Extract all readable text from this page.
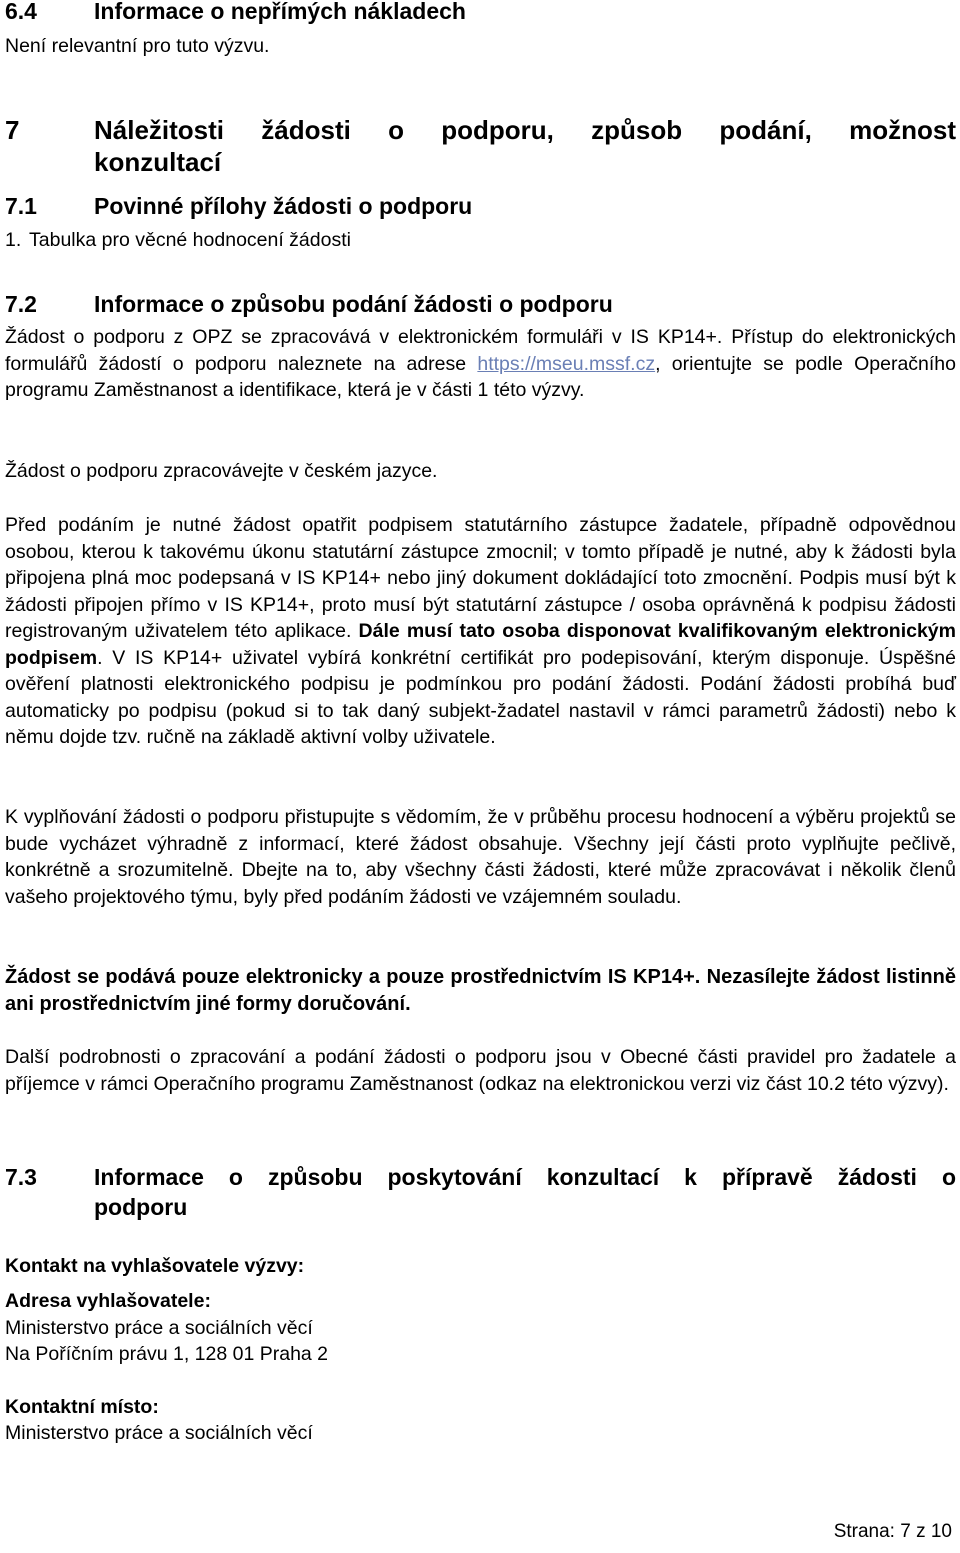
6.4 Informace o nepřímých nákladech

Není relevantní pro tuto výzvu.

7	Náležitosti žádosti o podporu, způsob podání, možnost
konzultací
7.1 Povinné přílohy žádosti o podporu
1. Tabulka pro věcné hodnocení žádosti
7.2 Informace o způsobu podání žádosti o podporu

Žádost o podporu z OPZ se zpracovává v elektronickém formuláři v IS KP14+. Přístup do elektronických formulářů žádostí o podporu naleznete na adrese https://mseu.mssf.cz, orientujte se podle Operačního programu Zaměstnanost a identifikace, která je v části 1 této výzvy.

Žádost o podporu zpracovávejte v českém jazyce.

Před podáním je nutné žádost opatřit podpisem statutárního zástupce žadatele, případně odpovědnou osobou, kterou k takovému úkonu statutární zástupce zmocnil; v tomto případě je nutné, aby k žádosti byla připojena plná moc podepsaná v IS KP14+ nebo jiný dokument dokládající toto zmocnění. Podpis musí být k žádosti připojen přímo v IS KP14+, proto musí být statutární zástupce / osoba oprávněná k podpisu žádosti registrovaným uživatelem této aplikace. Dále musí tato osoba disponovat kvalifikovaným elektronickým podpisem. V IS KP14+ uživatel vybírá konkrétní certifikát pro podepisování, kterým disponuje. Úspěšné ověření platnosti elektronického podpisu je podmínkou pro podání žádosti. Podání žádosti probíhá buď automaticky po podpisu (pokud si to tak daný subjekt-žadatel nastavil v rámci parametrů žádosti) nebo k němu dojde tzv. ručně na základě aktivní volby uživatele.

K vyplňování žádosti o podporu přistupujte s vědomím, že v průběhu procesu hodnocení a výběru projektů se bude vycházet výhradně z informací, které žádost obsahuje. Všechny její části proto vyplňujte pečlivě, konkrétně a srozumitelně. Dbejte na to, aby všechny části žádosti, které může zpracovávat i několik členů vašeho projektového týmu, byly před podáním žádosti ve vzájemném souladu.

Žádost se podává pouze elektronicky a pouze prostřednictvím IS KP14+. Nezasílejte žádost listinně ani prostřednictvím jiné formy doručování.

Další podrobnosti o zpracování a podání žádosti o podporu jsou v Obecné části pravidel pro žadatele a příjemce v rámci Operačního programu Zaměstnanost (odkaz na elektronickou verzi viz část 10.2 této výzvy).

7.3 Informace o způsobu poskytování konzultací k přípravě žádosti o
podporu
Kontakt na vyhlašovatele výzvy:
Adresa vyhlašovatele:
Ministerstvo práce a sociálních věcí
Na Poříčním právu 1, 128 01 Praha 2
Kontaktní místo:
Ministerstvo práce a sociálních věcí
Strana: 7 z 10
